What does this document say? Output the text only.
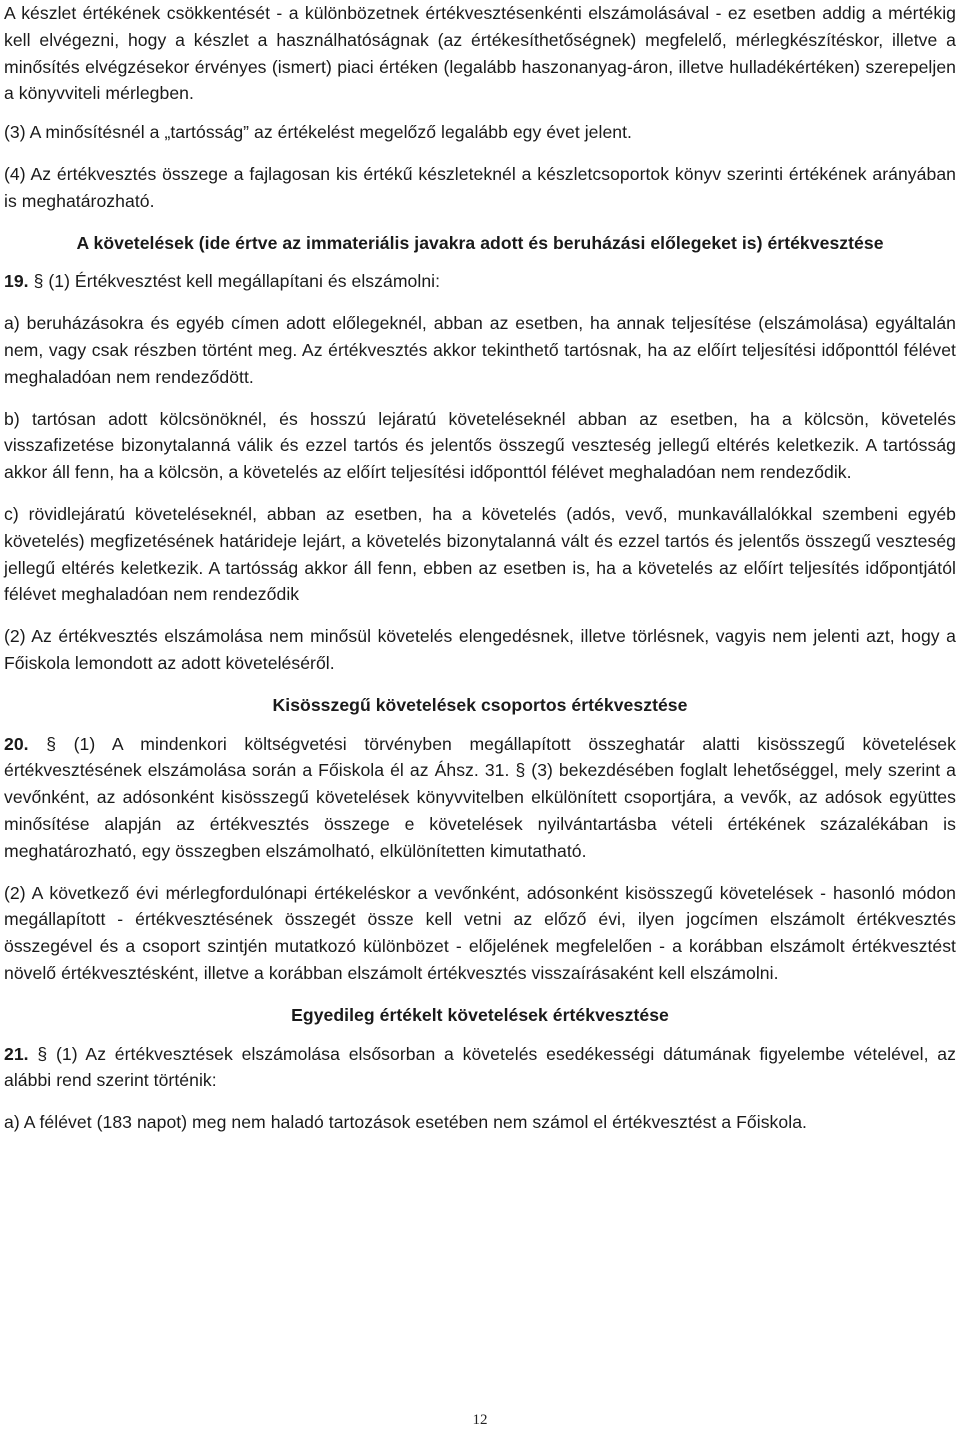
A készlet értékének csökkentését - a különbözetnek értékvesztésenkénti elszámolásával - ez esetben addig a mértékig kell elvégezni, hogy a készlet a használhatóságnak (az értékesíthetőségnek) megfelelő, mérlegkészítéskor, illetve a minősítés elvégzésekor érvényes (ismert) piaci értéken (legalább haszonanyag-áron, illetve hulladékértéken) szerepeljen a könyvviteli mérlegben.

(3) A minősítésnél a „tartósság” az értékelést megelőző legalább egy évet jelent.

(4) Az értékvesztés összege a fajlagosan kis értékű készleteknél a készletcsoportok könyv szerinti értékének arányában is meghatározható.

A követelések (ide értve az immateriális javakra adott és beruházási előlegeket is) értékvesztése

19. § (1) Értékvesztést kell megállapítani és elszámolni:

a) beruházásokra és egyéb címen adott előlegeknél, abban az esetben, ha annak teljesítése (elszámolása) egyáltalán nem, vagy csak részben történt meg. Az értékvesztés akkor tekinthető tartósnak, ha az előírt teljesítési időponttól félévet meghaladóan nem rendeződött.

b) tartósan adott kölcsönöknél, és hosszú lejáratú követeléseknél abban az esetben, ha a kölcsön, követelés visszafizetése bizonytalanná válik és ezzel tartós és jelentős összegű veszteség jellegű eltérés keletkezik. A tartósság akkor áll fenn, ha a kölcsön, a követelés az előírt teljesítési időponttól félévet meghaladóan nem rendeződik.

c) rövidlejáratú követeléseknél, abban az esetben, ha a követelés (adós, vevő, munkavállalókkal szembeni egyéb követelés) megfizetésének határideje lejárt, a követelés bizonytalanná vált és ezzel tartós és jelentős összegű veszteség jellegű eltérés keletkezik. A tartósság akkor áll fenn, ebben az esetben is, ha a követelés az előírt teljesítés időpontjától félévet meghaladóan nem rendeződik

(2) Az értékvesztés elszámolása nem minősül követelés elengedésnek, illetve törlésnek, vagyis nem jelenti azt, hogy a Főiskola lemondott az adott követeléséről.

Kisösszegű követelések csoportos értékvesztése

20. § (1) A mindenkori költségvetési törvényben megállapított összeghatár alatti kisösszegű követelések értékvesztésének elszámolása során a Főiskola él az Áhsz. 31. § (3) bekezdésében foglalt lehetőséggel, mely szerint a vevőnként, az adósonként kisösszegű követelések könyvvitelben elkülönített csoportjára, a vevők, az adósok együttes minősítése alapján az értékvesztés összege e követelések nyilvántartásba vételi értékének százalékában is meghatározható, egy összegben elszámolható, elkülönítetten kimutatható.

(2) A következő évi mérlegfordulónapi értékeléskor a vevőnként, adósonként kisösszegű követelések - hasonló módon megállapított - értékvesztésének összegét össze kell vetni az előző évi, ilyen jogcímen elszámolt értékvesztés összegével és a csoport szintjén mutatkozó különbözet - előjelének megfelelően - a korábban elszámolt értékvesztést növelő értékvesztésként, illetve a korábban elszámolt értékvesztés visszaírásaként kell elszámolni.

Egyedileg értékelt követelések értékvesztése

21. § (1) Az értékvesztések elszámolása elsősorban a követelés esedékességi dátumának figyelembe vételével, az alábbi rend szerint történik:

a) A félévet (183 napot) meg nem haladó tartozások esetében nem számol el értékvesztést a Főiskola.

12
